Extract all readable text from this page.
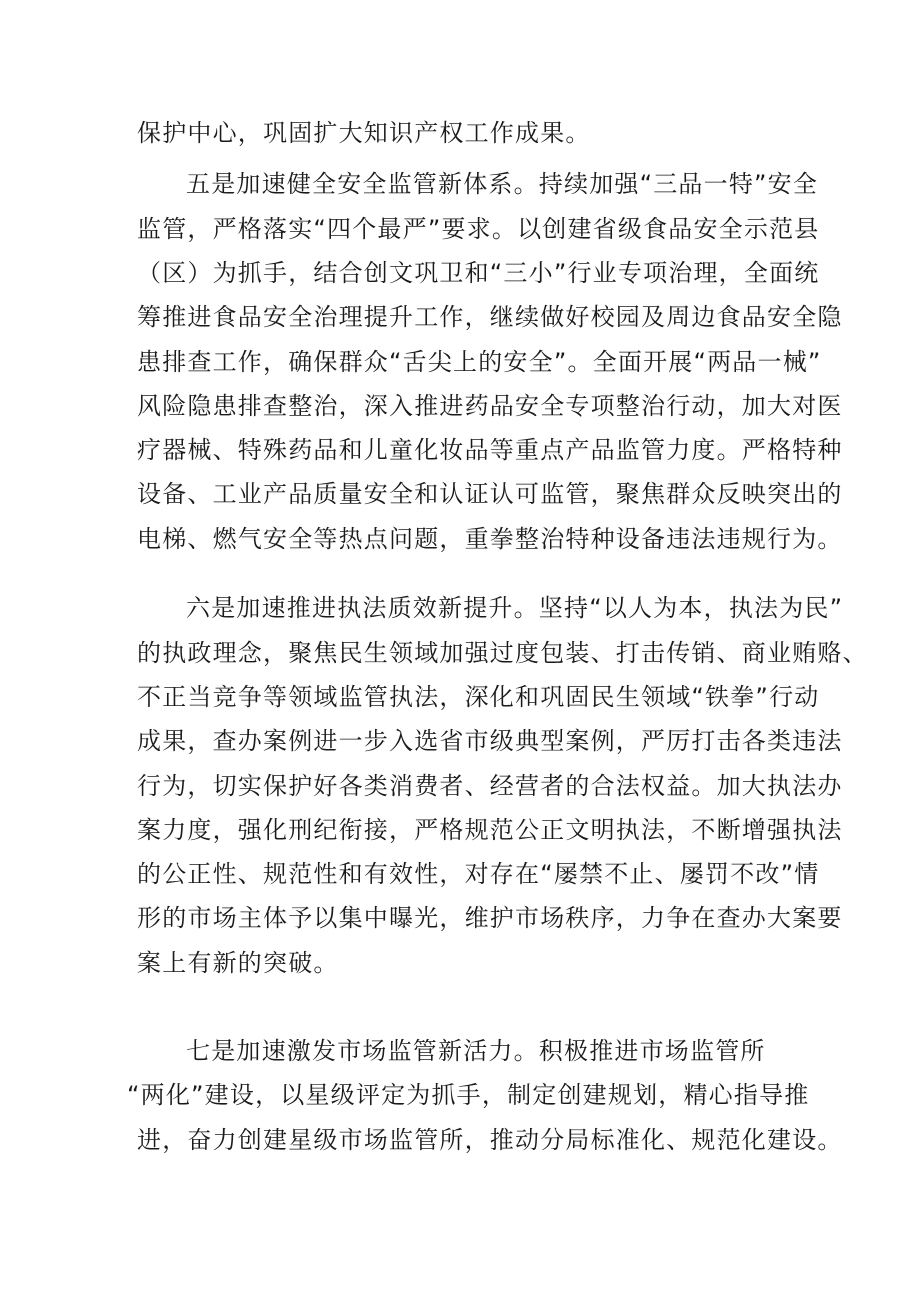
保护中心，巩固扩大知识产权工作成果。
五是加速健全安全监管新体系。持续加强“三品一特”安全
监管，严格落实“四个最严”要求。以创建省级食品安全示范县
（区）为抓手，结合创文巩卫和“三小”行业专项治理，全面统
筹推进食品安全治理提升工作，继续做好校园及周边食品安全隐
患排查工作，确保群众“舌尖上的安全”。全面开展“两品一械”
风险隐患排查整治，深入推进药品安全专项整治行动，加大对医
疗器械、特殊药品和儿童化妆品等重点产品监管力度。严格特种
设备、工业产品质量安全和认证认可监管，聚焦群众反映突出的
电梯、燃气安全等热点问题，重拳整治特种设备违法违规行为。
六是加速推进执法质效新提升。坚持“以人为本，执法为民”
的执政理念，聚焦民生领域加强过度包装、打击传销、商业贿赂、
不正当竞争等领域监管执法，深化和巩固民生领域“铁拳”行动
成果，查办案例进一步入选省市级典型案例，严厉打击各类违法
行为，切实保护好各类消费者、经营者的合法权益。加大执法办
案力度，强化刑纪衔接，严格规范公正文明执法，不断增强执法
的公正性、规范性和有效性，对存在“屡禁不止、屡罚不改”情
形的市场主体予以集中曝光，维护市场秩序，力争在查办大案要
案上有新的突破。
七是加速激发市场监管新活力。积极推进市场监管所
“两化”建设，以星级评定为抓手，制定创建规划，精心指导推
进，奋力创建星级市场监管所，推动分局标准化、规范化建设。
